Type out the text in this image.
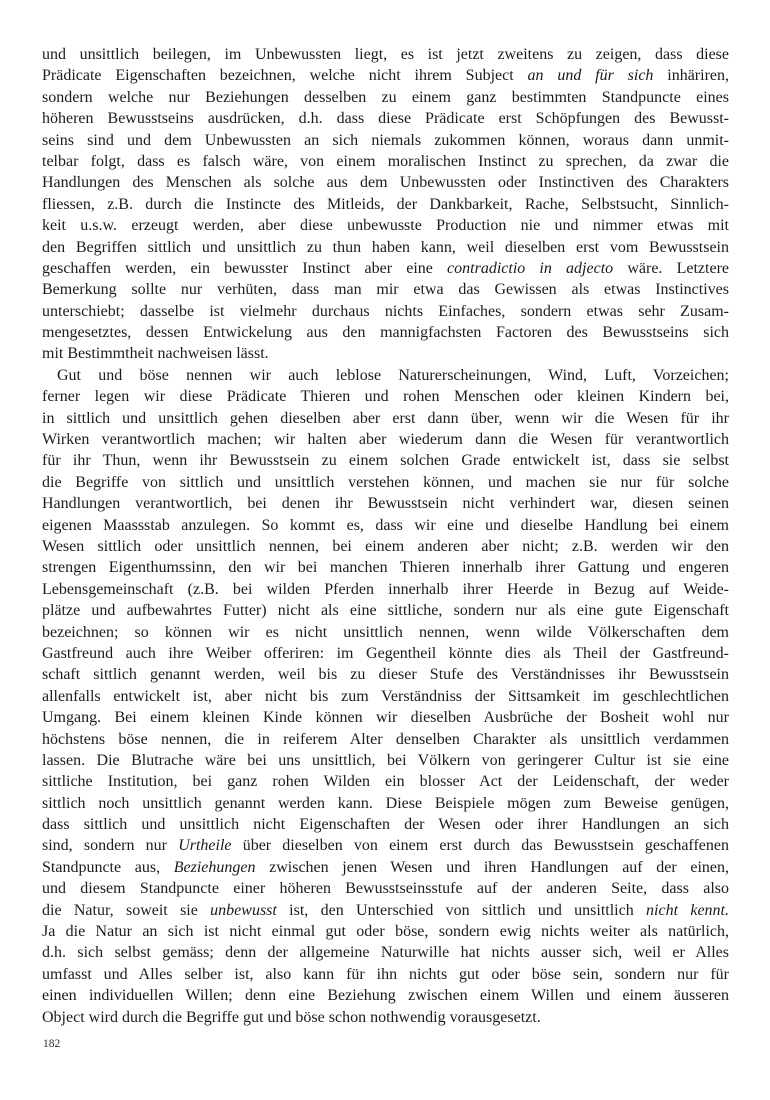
und unsittlich beilegen, im Unbewussten liegt, es ist jetzt zweitens zu zeigen, dass diese
Prädicate Eigenschaften bezeichnen, welche nicht ihrem Subject an und für sich inhäriren,
sondern welche nur Beziehungen desselben zu einem ganz bestimmten Standpuncte eines
höheren Bewusstseins ausdrücken, d.h. dass diese Prädicate erst Schöpfungen des Bewusst-
seins sind und dem Unbewussten an sich niemals zukommen können, woraus dann unmit-
telbar folgt, dass es falsch wäre, von einem moralischen Instinct zu sprechen, da zwar die
Handlungen des Menschen als solche aus dem Unbewussten oder Instinctiven des Charakters
fliessen, z.B. durch die Instincte des Mitleids, der Dankbarkeit, Rache, Selbstsucht, Sinnlich-
keit u.s.w. erzeugt werden, aber diese unbewusste Production nie und nimmer etwas mit
den Begriffen sittlich und unsittlich zu thun haben kann, weil dieselben erst vom Bewusstsein
geschaffen werden, ein bewusster Instinct aber eine contradictio in adjecto wäre. Letztere
Bemerkung sollte nur verhüten, dass man mir etwa das Gewissen als etwas Instinctives
unterschiebt; dasselbe ist vielmehr durchaus nichts Einfaches, sondern etwas sehr Zusam-
mengesetztes, dessen Entwickelung aus den mannigfachsten Factoren des Bewusstseins sich
mit Bestimmtheit nachweisen lässt.
Gut und böse nennen wir auch leblose Naturerscheinungen, Wind, Luft, Vorzeichen;
ferner legen wir diese Prädicate Thieren und rohen Menschen oder kleinen Kindern bei,
in sittlich und unsittlich gehen dieselben aber erst dann über, wenn wir die Wesen für ihr
Wirken verantwortlich machen; wir halten aber wiederum dann die Wesen für verantwortlich
für ihr Thun, wenn ihr Bewusstsein zu einem solchen Grade entwickelt ist, dass sie selbst
die Begriffe von sittlich und unsittlich verstehen können, und machen sie nur für solche
Handlungen verantwortlich, bei denen ihr Bewusstsein nicht verhindert war, diesen seinen
eigenen Maassstab anzulegen. So kommt es, dass wir eine und dieselbe Handlung bei einem
Wesen sittlich oder unsittlich nennen, bei einem anderen aber nicht; z.B. werden wir den
strengen Eigenthumssinn, den wir bei manchen Thieren innerhalb ihrer Gattung und engeren
Lebensgemeinschaft (z.B. bei wilden Pferden innerhalb ihrer Heerde in Bezug auf Weide-
plätze und aufbewahrtes Futter) nicht als eine sittliche, sondern nur als eine gute Eigenschaft
bezeichnen; so können wir es nicht unsittlich nennen, wenn wilde Völkerschaften dem
Gastfreund auch ihre Weiber offeriren: im Gegentheil könnte dies als Theil der Gastfreund-
schaft sittlich genannt werden, weil bis zu dieser Stufe des Verständnisses ihr Bewusstsein
allenfalls entwickelt ist, aber nicht bis zum Verständniss der Sittsamkeit im geschlechtlichen
Umgang. Bei einem kleinen Kinde können wir dieselben Ausbrüche der Bosheit wohl nur
höchstens böse nennen, die in reiferem Alter denselben Charakter als unsittlich verdammen
lassen. Die Blutrache wäre bei uns unsittlich, bei Völkern von geringerer Cultur ist sie eine
sittliche Institution, bei ganz rohen Wilden ein blosser Act der Leidenschaft, der weder
sittlich noch unsittlich genannt werden kann. Diese Beispiele mögen zum Beweise genügen,
dass sittlich und unsittlich nicht Eigenschaften der Wesen oder ihrer Handlungen an sich
sind, sondern nur Urtheile über dieselben von einem erst durch das Bewusstsein geschaffenen
Standpuncte aus, Beziehungen zwischen jenen Wesen und ihren Handlungen auf der einen,
und diesem Standpuncte einer höheren Bewusstseinsstufe auf der anderen Seite, dass also
die Natur, soweit sie unbewusst ist, den Unterschied von sittlich und unsittlich nicht kennt.
Ja die Natur an sich ist nicht einmal gut oder böse, sondern ewig nichts weiter als natürlich,
d.h. sich selbst gemäss; denn der allgemeine Naturwille hat nichts ausser sich, weil er Alles
umfasst und Alles selber ist, also kann für ihn nichts gut oder böse sein, sondern nur für
einen individuellen Willen; denn eine Beziehung zwischen einem Willen und einem äusseren
Object wird durch die Begriffe gut und böse schon nothwendig vorausgesetzt.
182
